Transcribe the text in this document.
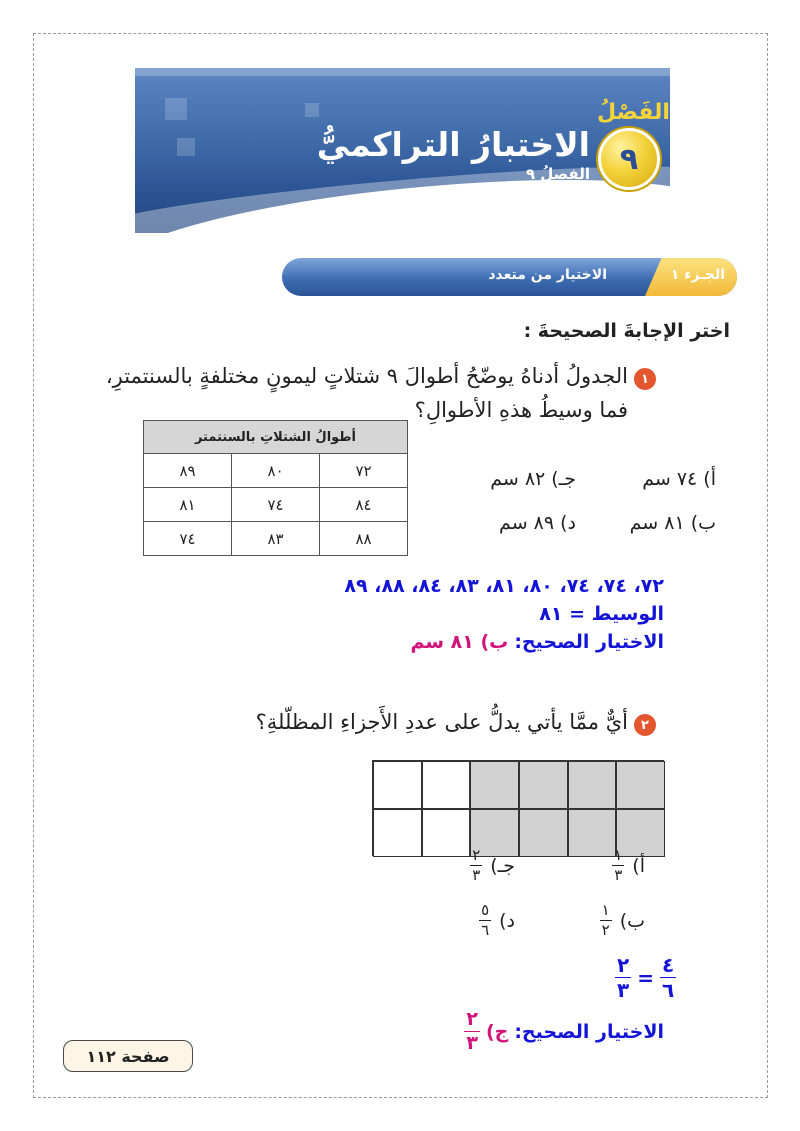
الفَصْلُ
٩
الاختبارُ التراكميُّ
الفصلُ ٩
الجـزء ١
الاختيار من متعدد
اختر الإجابةَ الصحيحةَ :
١
الجدولُ أدناهُ يوضّحُ أطوالَ ٩ شتلاتٍ ليمونٍ مختلفةٍ بالسنتمترِ،
فما وسيطُ هذهِ الأطوالِ؟
أطوالُ الشتلاتِ بالسنتمتر		
٧٢	٨٠	٨٩
٨٤	٧٤	٨١
٨٨	٨٣	٧٤
أ) ٧٤ سم
ب) ٨١ سم
جـ) ٨٢ سم
د) ٨٩ سم
٧٢، ٧٤، ٧٤، ٨٠، ٨١، ٨٣، ٨٤، ٨٨، ٨٩
الوسيط = ٨١
الاختيار الصحيح: ب) ٨١ سم
٢
أيٌّ ممَّا يأتي يدلُّ على عددِ الأَجزاءِ المظلّلةِ؟
أ)
$\frac{١}{٣}$
ب)
$\frac{١}{٢}$
جـ)
$\frac{٢}{٣}$
د)
$\frac{٥}{٦}$
$\frac{٢}{٣} = \frac{٤}{٦}$
الاختيار الصحيح:
ج)
$\frac{٢}{٣}$
صفحة ١١٢
